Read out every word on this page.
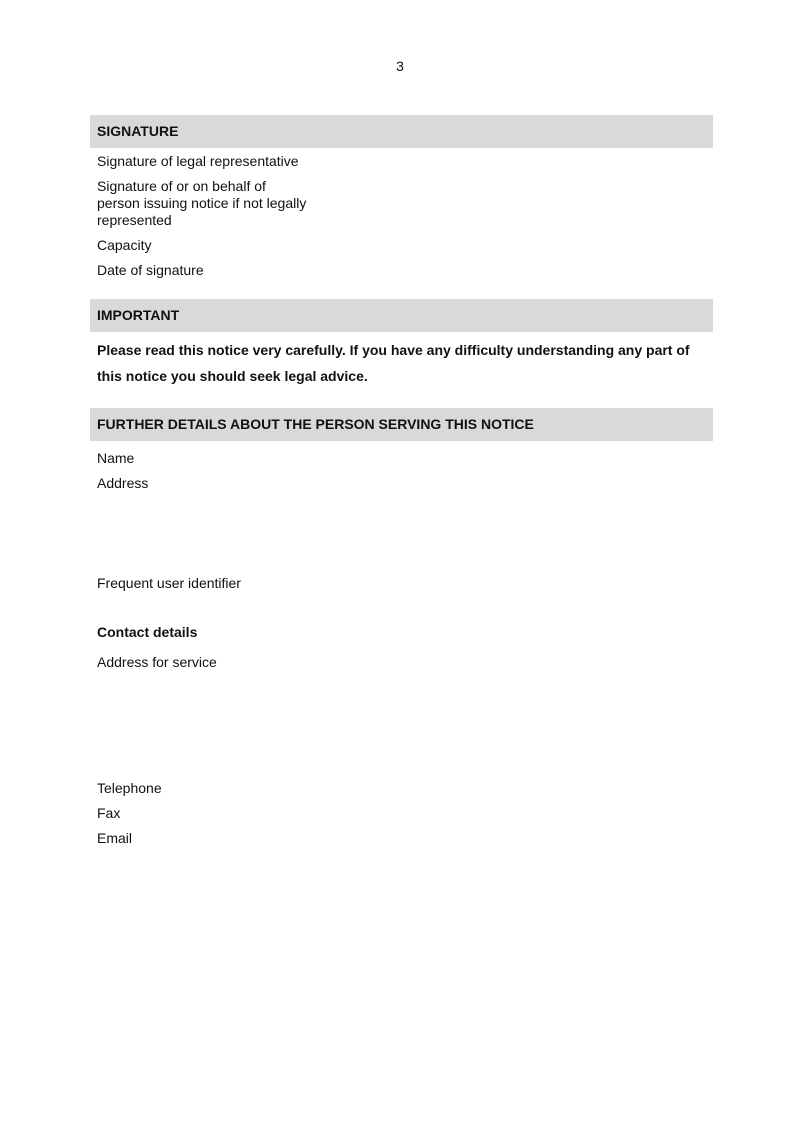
3
SIGNATURE

Signature of legal representative

Signature of or on behalf of
person issuing notice if not legally
represented

Capacity

Date of signature

IMPORTANT
Please read this notice very carefully. If you have any difficulty understanding any part of this notice you should seek legal advice.
FURTHER DETAILS ABOUT THE PERSON SERVING THIS NOTICE

Name

Address

Frequent user identifier

Contact details

Address for service

Telephone

Fax

Email
